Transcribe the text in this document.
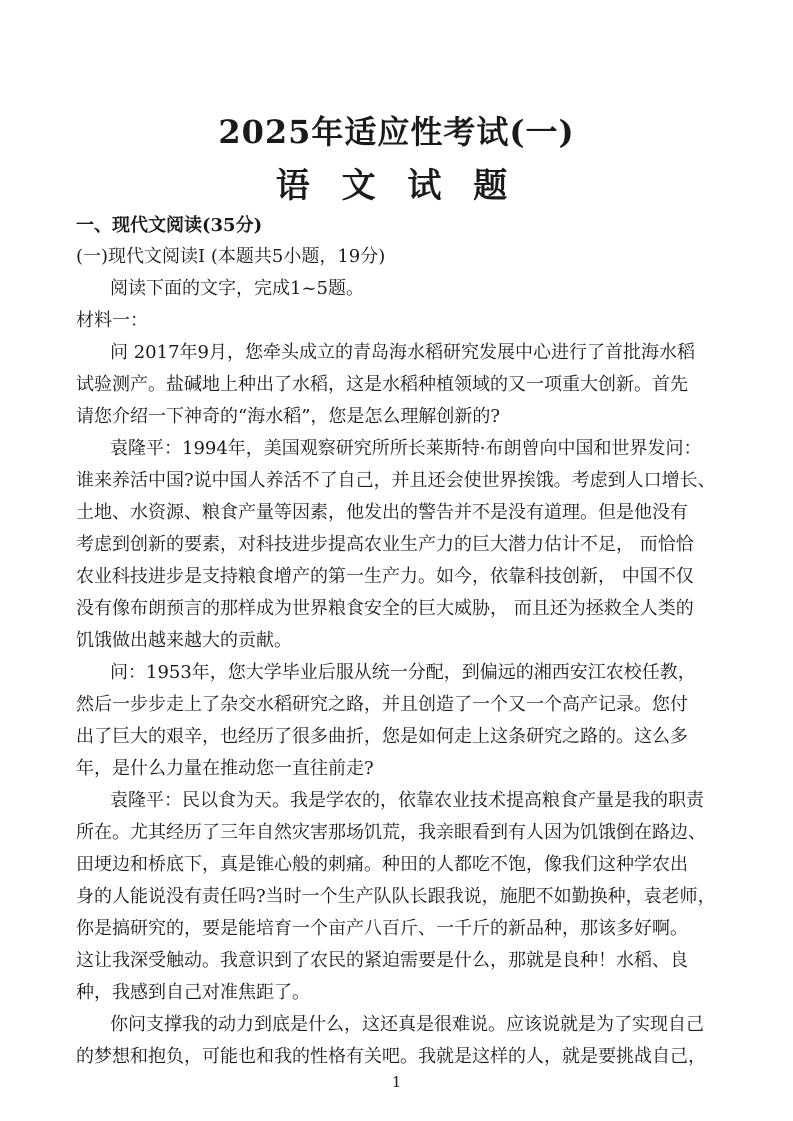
2025年适应性考试(一)
语 文 试 题
一、现代文阅读(35分)
(一)现代文阅读I (本题共5小题，19分)
阅读下面的文字，完成1~5题。
材料一：
问 2017年9月，您牵头成立的青岛海水稻研究发展中心进行了首批海水稻
试验测产。盐碱地上种出了水稻，这是水稻种植领域的又一项重大创新。首先
请您介绍一下神奇的“海水稻”，您是怎么理解创新的?
袁隆平：1994年，美国观察研究所所长莱斯特·布朗曾向中国和世界发问：
谁来养活中国?说中国人养活不了自己，并且还会使世界挨饿。考虑到人口增长、
土地、水资源、粮食产量等因素，他发出的警告并不是没有道理。但是他没有
考虑到创新的要素，对科技进步提高农业生产力的巨大潜力估计不足， 而恰恰
农业科技进步是支持粮食增产的第一生产力。如今，依靠科技创新， 中国不仅
没有像布朗预言的那样成为世界粮食安全的巨大威胁， 而且还为拯救全人类的
饥饿做出越来越大的贡献。
问：1953年，您大学毕业后服从统一分配，到偏远的湘西安江农校任教，
然后一步步走上了杂交水稻研究之路，并且创造了一个又一个高产记录。您付
出了巨大的艰辛，也经历了很多曲折，您是如何走上这条研究之路的。这么多
年，是什么力量在推动您一直往前走?
袁隆平：民以食为天。我是学农的，依靠农业技术提高粮食产量是我的职责
所在。尤其经历了三年自然灾害那场饥荒，我亲眼看到有人因为饥饿倒在路边、
田埂边和桥底下，真是锥心般的刺痛。种田的人都吃不饱，像我们这种学农出
身的人能说没有责任吗?当时一个生产队队长跟我说，施肥不如勤换种，袁老师，
你是搞研究的，要是能培育一个亩产八百斤、一千斤的新品种，那该多好啊。
这让我深受触动。我意识到了农民的紧迫需要是什么，那就是良种！水稻、良
种，我感到自己对准焦距了。
你问支撑我的动力到底是什么，这还真是很难说。应该说就是为了实现自己
的梦想和抱负，可能也和我的性格有关吧。我就是这样的人，就是要挑战自己，
1
